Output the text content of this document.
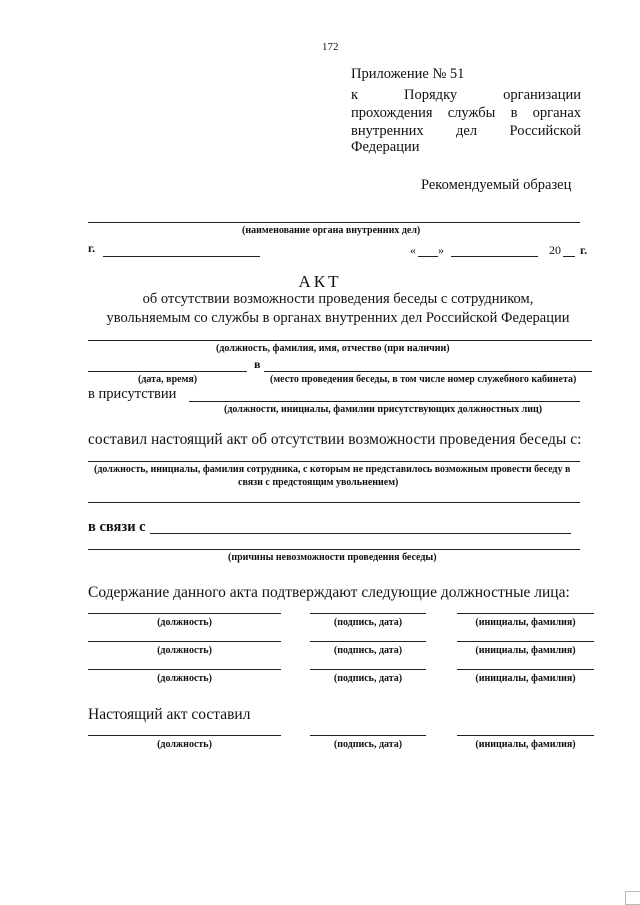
172
Приложение № 51
к Порядку организации
прохождения службы в органах
внутренних дел Российской
Федерации
Рекомендуемый образец
(наименование органа внутренних дел)
г.	« »	20 г.
АКТ
об отсутствии возможности проведения беседы с сотрудником,
увольняемым со службы в органах внутренних дел Российской Федерации
(должность, фамилия, имя, отчество (при наличии)
в
(дата, время)	(место проведения беседы, в том числе номер служебного кабинета)
в присутствии
(должности, инициалы, фамилии присутствующих должностных лиц)
составил настоящий акт об отсутствии возможности проведения беседы с:
(должность, инициалы, фамилия сотрудника, с которым не представилось возможным провести беседу в
связи с предстоящим увольнением)
в связи с
(причины невозможности проведения беседы)
Содержание данного акта подтверждают следующие должностные лица:
(должность)	(подпись, дата)	(инициалы, фамилия)
(должность)	(подпись, дата)	(инициалы, фамилия)
(должность)	(подпись, дата)	(инициалы, фамилия)
Настоящий акт составил
(должность)	(подпись, дата)	(инициалы, фамилия)
